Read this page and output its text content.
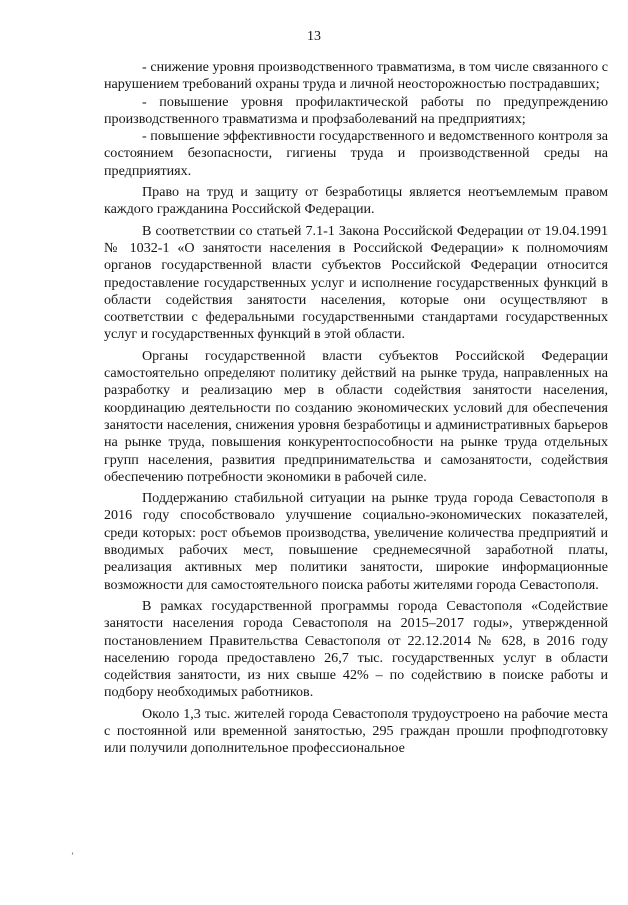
13

- снижение уровня производственного травматизма, в том числе связанного с нарушением требований охраны труда и личной неосторожностью пострадавших;

- повышение уровня профилактической работы по предупреждению производственного травматизма и профзаболеваний на предприятиях;

- повышение эффективности государственного и ведомственного контроля за состоянием безопасности, гигиены труда и производственной среды на предприятиях.

Право на труд и защиту от безработицы является неотъемлемым правом каждого гражданина Российской Федерации.

В соответствии со статьей 7.1-1 Закона Российской Федерации от 19.04.1991 № 1032-1 «О занятости населения в Российской Федерации» к полномочиям органов государственной власти субъектов Российской Федерации относится предоставление государственных услуг и исполнение государственных функций в области содействия занятости населения, которые они осуществляют в соответствии с федеральными государственными стандартами государственных услуг и государственных функций в этой области.

Органы государственной власти субъектов Российской Федерации самостоятельно определяют политику действий на рынке труда, направленных на разработку и реализацию мер в области содействия занятости населения, координацию деятельности по созданию экономических условий для обеспечения занятости населения, снижения уровня безработицы и административных барьеров на рынке труда, повышения конкурентоспособности на рынке труда отдельных групп населения, развития предпринимательства и самозанятости, содействия обеспечению потребности экономики в рабочей силе.

Поддержанию стабильной ситуации на рынке труда города Севастополя в 2016 году способствовало улучшение социально-экономических показателей, среди которых: рост объемов производства, увеличение количества предприятий и вводимых рабочих мест, повышение среднемесячной заработной платы, реализация активных мер политики занятости, широкие информационные возможности для самостоятельного поиска работы жителями города Севастополя.

В рамках государственной программы города Севастополя «Содействие занятости населения города Севастополя на 2015–2017 годы», утвержденной постановлением Правительства Севастополя от 22.12.2014 № 628, в 2016 году населению города предоставлено 26,7 тыс. государственных услуг в области содействия занятости, из них свыше 42% – по содействию в поиске работы и подбору необходимых работников.

Около 1,3 тыс. жителей города Севастополя трудоустроено на рабочие места с постоянной или временной занятостью, 295 граждан прошли профподготовку или получили дополнительное профессиональное

ʼ
